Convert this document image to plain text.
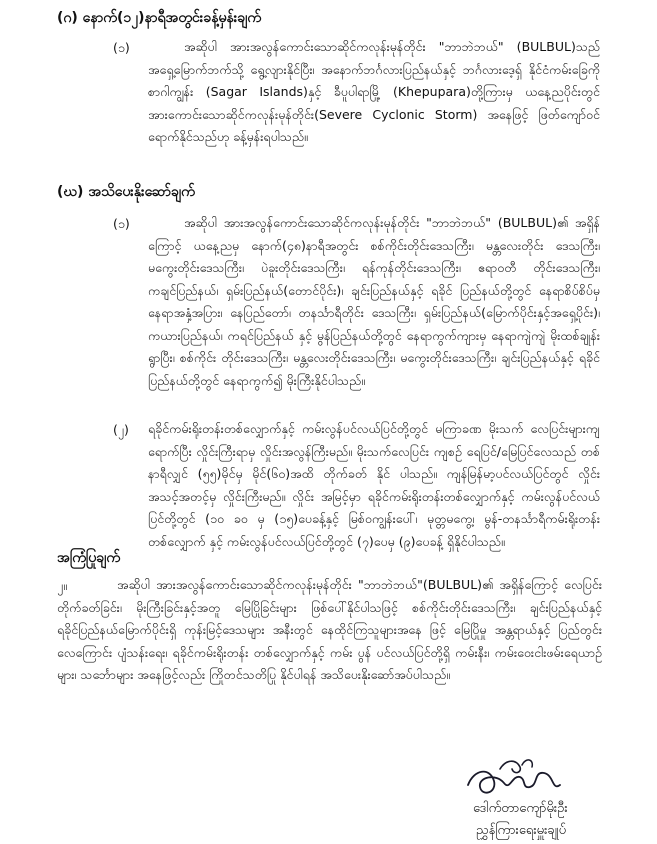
(ဂ) နောက်(၁၂)နာရီအတွင်းခန့်မှန်းချက်
(၁)	အဆိုပါ အားအလွန်ကောင်းသောဆိုင်ကလုန်းမုန်တိုင်း "ဘာဘဲဘယ်" (BULBUL)သည် အရှေ့မြောက်ဘက်သို့ ရွေ့လျားနိုင်ပြီး၊ အနောက်ဘင်္ဂလားပြည်နယ်နှင့် ဘင်္ဂလားဒေ့ရှ် နိုင်ငံကမ်းခြေကို စာဂါကျွန်း (Sagar Islands)နှင့် ခီပူပါရာမြို့ (Khepupara)တို့ကြားမှ ယနေ့ညပိုင်းတွင် အားကောင်းသောဆိုင်ကလုန်းမုန်တိုင်း(Severe Cyclonic Storm) အနေဖြင့် ဖြတ်ကျော်ဝင်ရောက်နိုင်သည်ဟု ခန့်မှန်းရပါသည်။
(ဃ) အသိပေးနိုးဆော်ချက်
(၁)	အဆိုပါ အားအလွန်ကောင်းသောဆိုင်ကလုန်းမုန်တိုင်း "ဘာဘဲဘယ်" (BULBUL)၏ အရှိန်ကြောင့် ယနေ့ညမှ နောက်(၄၈)နာရီအတွင်း စစ်ကိုင်းတိုင်းဒေသကြီး၊ မန္တလေးတိုင်း ဒေသကြီး၊ မကွေးတိုင်းဒေသကြီး၊ ပဲခူးတိုင်းဒေသကြီး၊ ရန်ကုန်တိုင်းဒေသကြီး၊ ဧရာဝတီ တိုင်းဒေသကြီး၊ ကချင်ပြည်နယ်၊ ရှမ်းပြည်နယ်(တောင်ပိုင်း)၊ ချင်းပြည်နယ်နှင့် ရခိုင် ပြည်နယ်တို့တွင် နေရာစိပ်စိပ်မှ နေရာအနှံ့အပြား၊ နေပြည်တော်၊ တနင်္သာရီတိုင်း ဒေသကြီး၊ ရှမ်းပြည်နယ်(မြောက်ပိုင်းနှင့်အရှေ့ပိုင်း)၊ ကယားပြည်နယ်၊ ကရင်ပြည်နယ် နှင့် မွန်ပြည်နယ်တို့တွင် နေရာကွက်ကျားမှ နေရာကျဲကျဲ မိုးထစ်ချုန်းရွာပြီး၊ စစ်ကိုင်း တိုင်းဒေသကြီး၊ မန္တလေးတိုင်းဒေသကြီး၊ မကွေးတိုင်းဒေသကြီး၊ ချင်းပြည်နယ်နှင့် ရခိုင် ပြည်နယ်တို့တွင် နေရာကွက်၍ မိုးကြီးနိုင်ပါသည်။
(၂) ရခိုင်ကမ်းရိုးတန်းတစ်လျှောက်နှင့် ကမ်းလွန်ပင်လယ်ပြင်တို့တွင် မကြာခဏ မိုးသက် လေပြင်းများကျရောက်ပြီး လှိုင်းကြီးရာမှ လှိုင်းအလွန်ကြီးမည်။ မိုးသက်လေပြင်း ကျစဉ် ရေပြင်/မြေပြင်လေသည် တစ်နာရီလျှင် (၅၅)မိုင်မှ မိုင်(၆၀)အထိ တိုက်ခတ် နိုင် ပါသည်။ ကျန်မြန်မာ့ပင်လယ်ပြင်တွင် လှိုင်းအသင့်အတင့်မှ လှိုင်းကြီးမည်။ လှိုင်း အမြင့်မှာ ရခိုင်ကမ်းရိုးတန်းတစ်လျှောက်နှင့် ကမ်းလွန်ပင်လယ်ပြင်တို့တွင် (၁၀ ခ၀ မှ (၁၅)ပေခန့်နှင့် မြစ်ဝကျွန်းပေါ်၊ မုတ္တမကွေ့၊ မွန်-တနင်္သာရီကမ်းရိုးတန်းတစ်လျှောက် နှင့် ကမ်းလွန်ပင်လယ်ပြင်တို့တွင် (၇)ပေမှ (၉)ပေခန့် ရှိနိုင်ပါသည်။
အကြံပြုချက်
၂။	အဆိုပါ အားအလွန်ကောင်းသောဆိုင်ကလုန်းမုန်တိုင်း "ဘာဘဲဘယ်"(BULBUL)၏ အရှိန်ကြောင့် လေပြင်းတိုက်ခတ်ခြင်း၊ မိုးကြီးခြင်းနှင့်အတူ မြေပြိုခြင်းများ ဖြစ်ပေါ်နိုင်ပါသဖြင့် စစ်ကိုင်းတိုင်းဒေသကြီး၊ ချင်းပြည်နယ်နှင့် ရခိုင်ပြည်နယ်မြောက်ပိုင်းရှိ ကုန်းမြင့်ဒေသများ အနီးတွင် နေထိုင်ကြသူများအနေ ဖြင့် မြေပြိုမှု အန္တရာယ်နှင့် ပြည်တွင်းလေကြောင်း ပျံသန်းရေး၊ ရခိုင်ကမ်းရိုးတန်း တစ်လျှောက်နှင့် ကမ်း ပွန် ပင်လယ်ပြင်တို့ရှိ ကမ်းနီး၊ ကမ်းဝေးငါးဖမ်းရေယာဉ်များ၊ သင်္ဘောများ အနေဖြင့်လည်း ကြိုတင်သတိပြု နိုင်ပါရန် အသိပေးနိုးဆော်အပ်ပါသည်။
ဒေါက်တာကျော်မိုးဦး
ညွှန်ကြားရေးမှူးချုပ်
